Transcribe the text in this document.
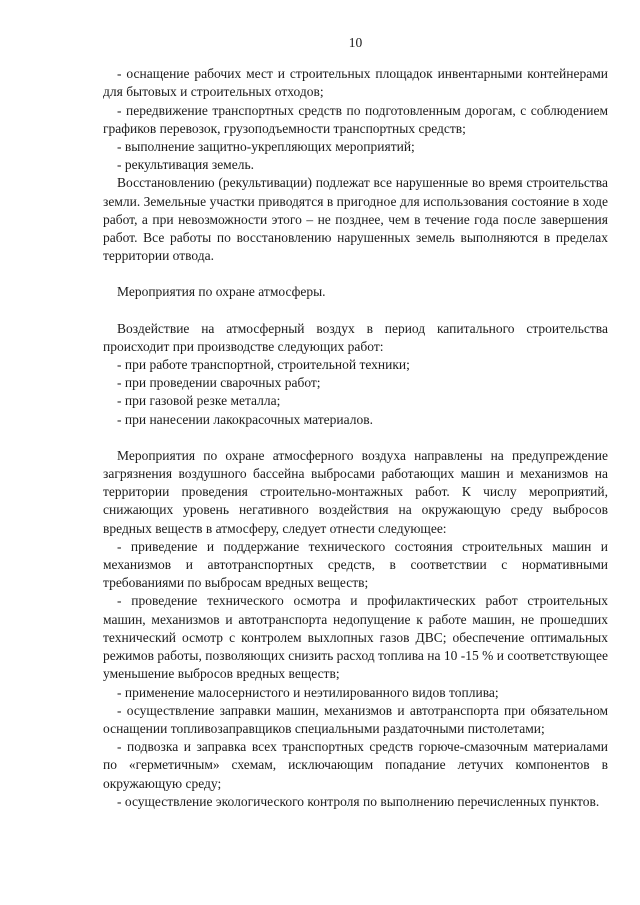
10

- оснащение рабочих мест и строительных площадок инвентарными контейнерами для бытовых и строительных отходов;

- передвижение транспортных средств по подготовленным дорогам, с соблюдением графиков перевозок, грузоподъемности транспортных средств;

- выполнение защитно-укрепляющих мероприятий;

- рекультивация земель.

Восстановлению (рекультивации) подлежат все нарушенные во время строительства земли. Земельные участки приводятся в пригодное для использования состояние в ходе работ, а при невозможности этого – не позднее, чем в течение года после завершения работ. Все работы по восстановлению нарушенных земель выполняются в пределах территории отвода.

Мероприятия по охране атмосферы.

Воздействие на атмосферный воздух в период капитального строительства происходит при производстве следующих работ:

- при работе транспортной, строительной техники;

- при проведении сварочных работ;

- при газовой резке металла;

- при нанесении лакокрасочных материалов.

Мероприятия по охране атмосферного воздуха направлены на предупреждение загрязнения воздушного бассейна выбросами работающих машин и механизмов на территории проведения строительно-монтажных работ. К числу мероприятий, снижающих уровень негативного воздействия на окружающую среду выбросов вредных веществ в атмосферу, следует отнести следующее:

- приведение и поддержание технического состояния строительных машин и механизмов и автотранспортных средств, в соответствии с нормативными требованиями по выбросам вредных веществ;

- проведение технического осмотра и профилактических работ строительных машин, механизмов и автотранспорта недопущение к работе машин, не прошедших технический осмотр с контролем выхлопных газов ДВС; обеспечение оптимальных режимов работы, позволяющих снизить расход топлива на 10 -15 % и соответствующее уменьшение выбросов вредных веществ;

- применение малосернистого и неэтилированного видов топлива;

- осуществление заправки машин, механизмов и автотранспорта при обязательном оснащении топливозаправщиков специальными раздаточными пистолетами;

- подвозка и заправка всех транспортных средств горюче-смазочным материалами по «герметичным» схемам, исключающим попадание летучих компонентов в окружающую среду;

- осуществление экологического контроля по выполнению перечисленных пунктов.
